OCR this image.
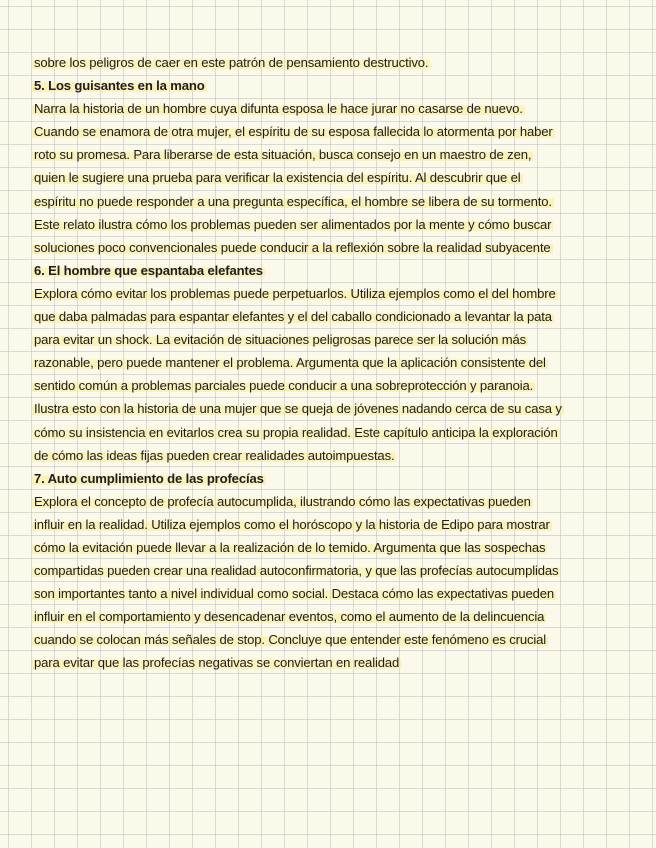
sobre los peligros de caer en este patrón de pensamiento destructivo.
5. Los guisantes en la mano
Narra la historia de un hombre cuya difunta esposa le hace jurar no casarse de nuevo.
Cuando se enamora de otra mujer, el espíritu de su esposa fallecida lo atormenta por haber
roto su promesa. Para liberarse de esta situación, busca consejo en un maestro de zen,
quien le sugiere una prueba para verificar la existencia del espíritu. Al descubrir que el
espíritu no puede responder a una pregunta específica, el hombre se libera de su tormento.
Este relato ilustra cómo los problemas pueden ser alimentados por la mente y cómo buscar
soluciones poco convencionales puede conducir a la reflexión sobre la realidad subyacente
6. El hombre que espantaba elefantes
Explora cómo evitar los problemas puede perpetuarlos. Utiliza ejemplos como el del hombre
que daba palmadas para espantar elefantes y el del caballo condicionado a levantar la pata
para evitar un shock. La evitación de situaciones peligrosas parece ser la solución más
razonable, pero puede mantener el problema. Argumenta que la aplicación consistente del
sentido común a problemas parciales puede conducir a una sobreprotección y paranoia.
Ilustra esto con la historia de una mujer que se queja de jóvenes nadando cerca de su casa y
cómo su insistencia en evitarlos crea su propia realidad. Este capítulo anticipa la exploración
de cómo las ideas fijas pueden crear realidades autoimpuestas.
7. Auto cumplimiento de las profecías
Explora el concepto de profecía autocumplida, ilustrando cómo las expectativas pueden
influir en la realidad. Utiliza ejemplos como el horóscopo y la historia de Edipo para mostrar
cómo la evitación puede llevar a la realización de lo temido. Argumenta que las sospechas
compartidas pueden crear una realidad autoconfirmatoria, y que las profecías autocumplidas
son importantes tanto a nivel individual como social. Destaca cómo las expectativas pueden
influir en el comportamiento y desencadenar eventos, como el aumento de la delincuencia
cuando se colocan más señales de stop. Concluye que entender este fenómeno es crucial
para evitar que las profecías negativas se conviertan en realidad
